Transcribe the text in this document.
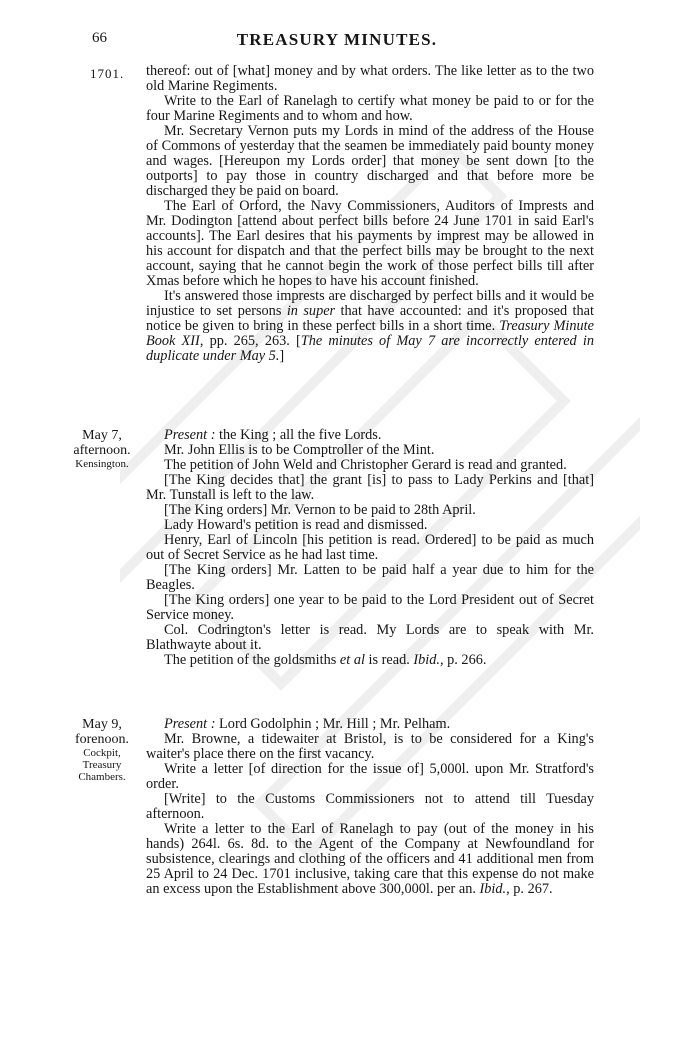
66	TREASURY MINUTES.
1701. thereof: out of [what] money and by what orders. The like letter as to the two old Marine Regiments.

Write to the Earl of Ranelagh to certify what money be paid to or for the four Marine Regiments and to whom and how.

Mr. Secretary Vernon puts my Lords in mind of the address of the House of Commons of yesterday that the seamen be immediately paid bounty money and wages. [Hereupon my Lords order] that money be sent down [to the outports] to pay those in country discharged and that before more be discharged they be paid on board.

The Earl of Orford, the Navy Commissioners, Auditors of Imprests and Mr. Dodington [attend about perfect bills before 24 June 1701 in said Earl's accounts]. The Earl desires that his payments by imprest may be allowed in his account for dispatch and that the perfect bills may be brought to the next account, saying that he cannot begin the work of those perfect bills till after Xmas before which he hopes to have his account finished.

It's answered those imprests are discharged by perfect bills and it would be injustice to set persons in super that have accounted: and it's proposed that notice be given to bring in these perfect bills in a short time. Treasury Minute Book XII, pp. 265, 263. [The minutes of May 7 are incorrectly entered in duplicate under May 5.]

May 7,
afternoon.

Kensington.

Present : the King ; all the five Lords.

Mr. John Ellis is to be Comptroller of the Mint.

The petition of John Weld and Christopher Gerard is read and granted.

[The King decides that] the grant [is] to pass to Lady Perkins and [that] Mr. Tunstall is left to the law.

[The King orders] Mr. Vernon to be paid to 28th April.

Lady Howard's petition is read and dismissed.

Henry, Earl of Lincoln [his petition is read. Ordered] to be paid as much out of Secret Service as he had last time.

[The King orders] Mr. Latten to be paid half a year due to him for the Beagles.

[The King orders] one year to be paid to the Lord President out of Secret Service money.

Col. Codrington's letter is read. My Lords are to speak with Mr. Blathwayte about it.

The petition of the goldsmiths et al is read. Ibid., p. 266.

May 9,
forenoon.

Cockpit,
Treasury
Chambers.

Present : Lord Godolphin ; Mr. Hill ; Mr. Pelham.

Mr. Browne, a tidewaiter at Bristol, is to be considered for a King's waiter's place there on the first vacancy.

Write a letter [of direction for the issue of] 5,000l. upon Mr. Stratford's order.

[Write] to the Customs Commissioners not to attend till Tuesday afternoon.

Write a letter to the Earl of Ranelagh to pay (out of the money in his hands) 264l. 6s. 8d. to the Agent of the Company at Newfoundland for subsistence, clearings and clothing of the officers and 41 additional men from 25 April to 24 Dec. 1701 inclusive, taking care that this expense do not make an excess upon the Establishment above 300,000l. per an. Ibid., p. 267.
